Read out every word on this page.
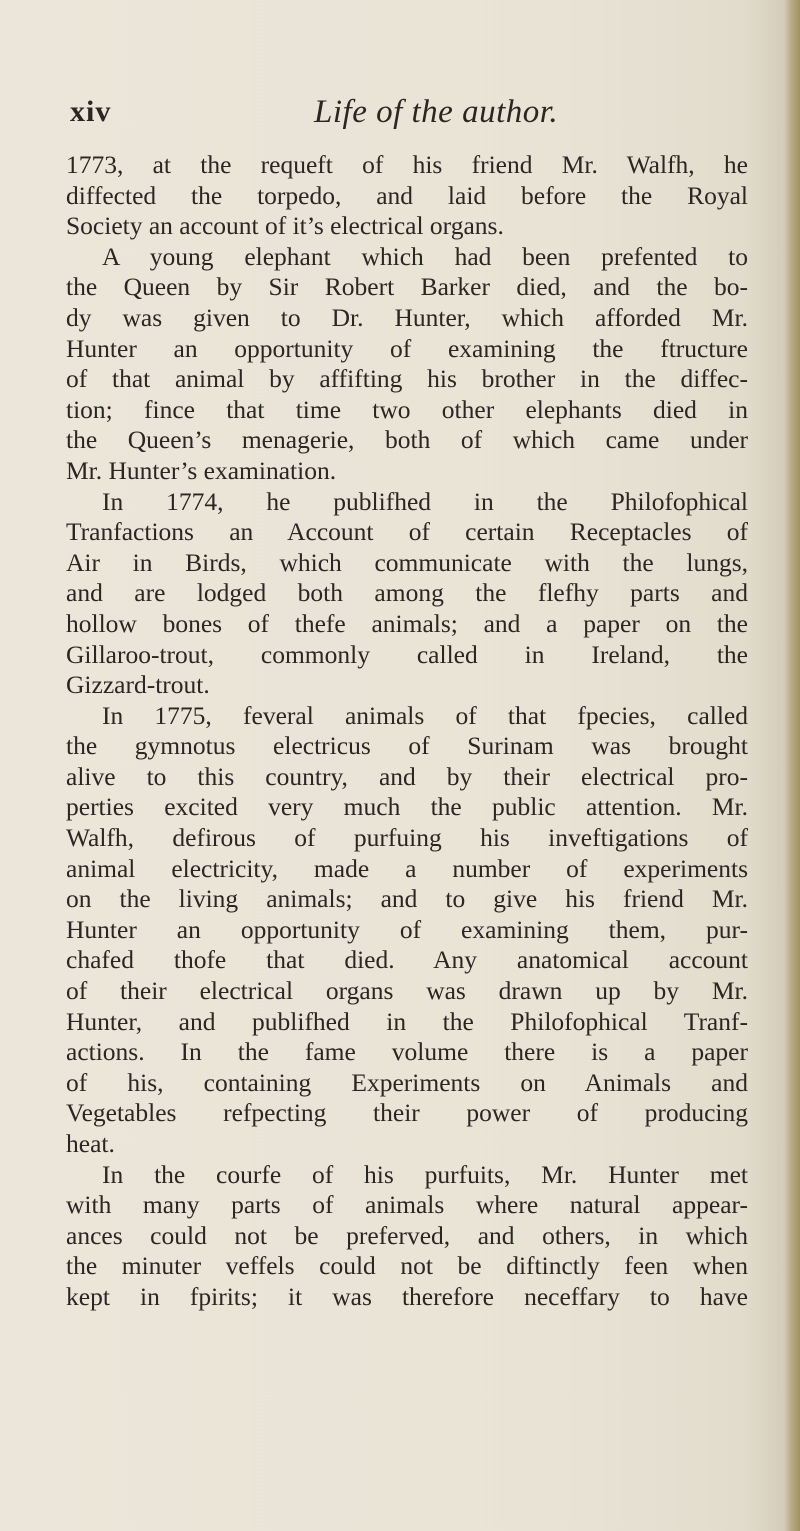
xiv	Life of the author.
1773, at the requeft of his friend Mr. Walfh, he
diffected the torpedo, and laid before the Royal
Society an account of it’s electrical organs.
A young elephant which had been prefented to
the Queen by Sir Robert Barker died, and the bo-
dy was given to Dr. Hunter, which afforded Mr.
Hunter an opportunity of examining the ftructure
of that animal by affifting his brother in the diffec-
tion; fince that time two other elephants died in
the Queen’s menagerie, both of which came under
Mr. Hunter’s examination.
In 1774, he publifhed in the Philofophical
Tranfactions an Account of certain Receptacles of
Air in Birds, which communicate with the lungs,
and are lodged both among the flefhy parts and
hollow bones of thefe animals; and a paper on the
Gillaroo-trout, commonly called in Ireland, the
Gizzard-trout.
In 1775, feveral animals of that fpecies, called
the gymnotus electricus of Surinam was brought
alive to this country, and by their electrical pro-
perties excited very much the public attention. Mr.
Walfh, defirous of purfuing his inveftigations of
animal electricity, made a number of experiments
on the living animals; and to give his friend Mr.
Hunter an opportunity of examining them, pur-
chafed thofe that died. Any anatomical account
of their electrical organs was drawn up by Mr.
Hunter, and publifhed in the Philofophical Tranf-
actions. In the fame volume there is a paper
of his, containing Experiments on Animals and
Vegetables refpecting their power of producing
heat.
In the courfe of his purfuits, Mr. Hunter met
with many parts of animals where natural appear-
ances could not be preferved, and others, in which
the minuter veffels could not be diftinctly feen when
kept in fpirits; it was therefore neceffary to have
